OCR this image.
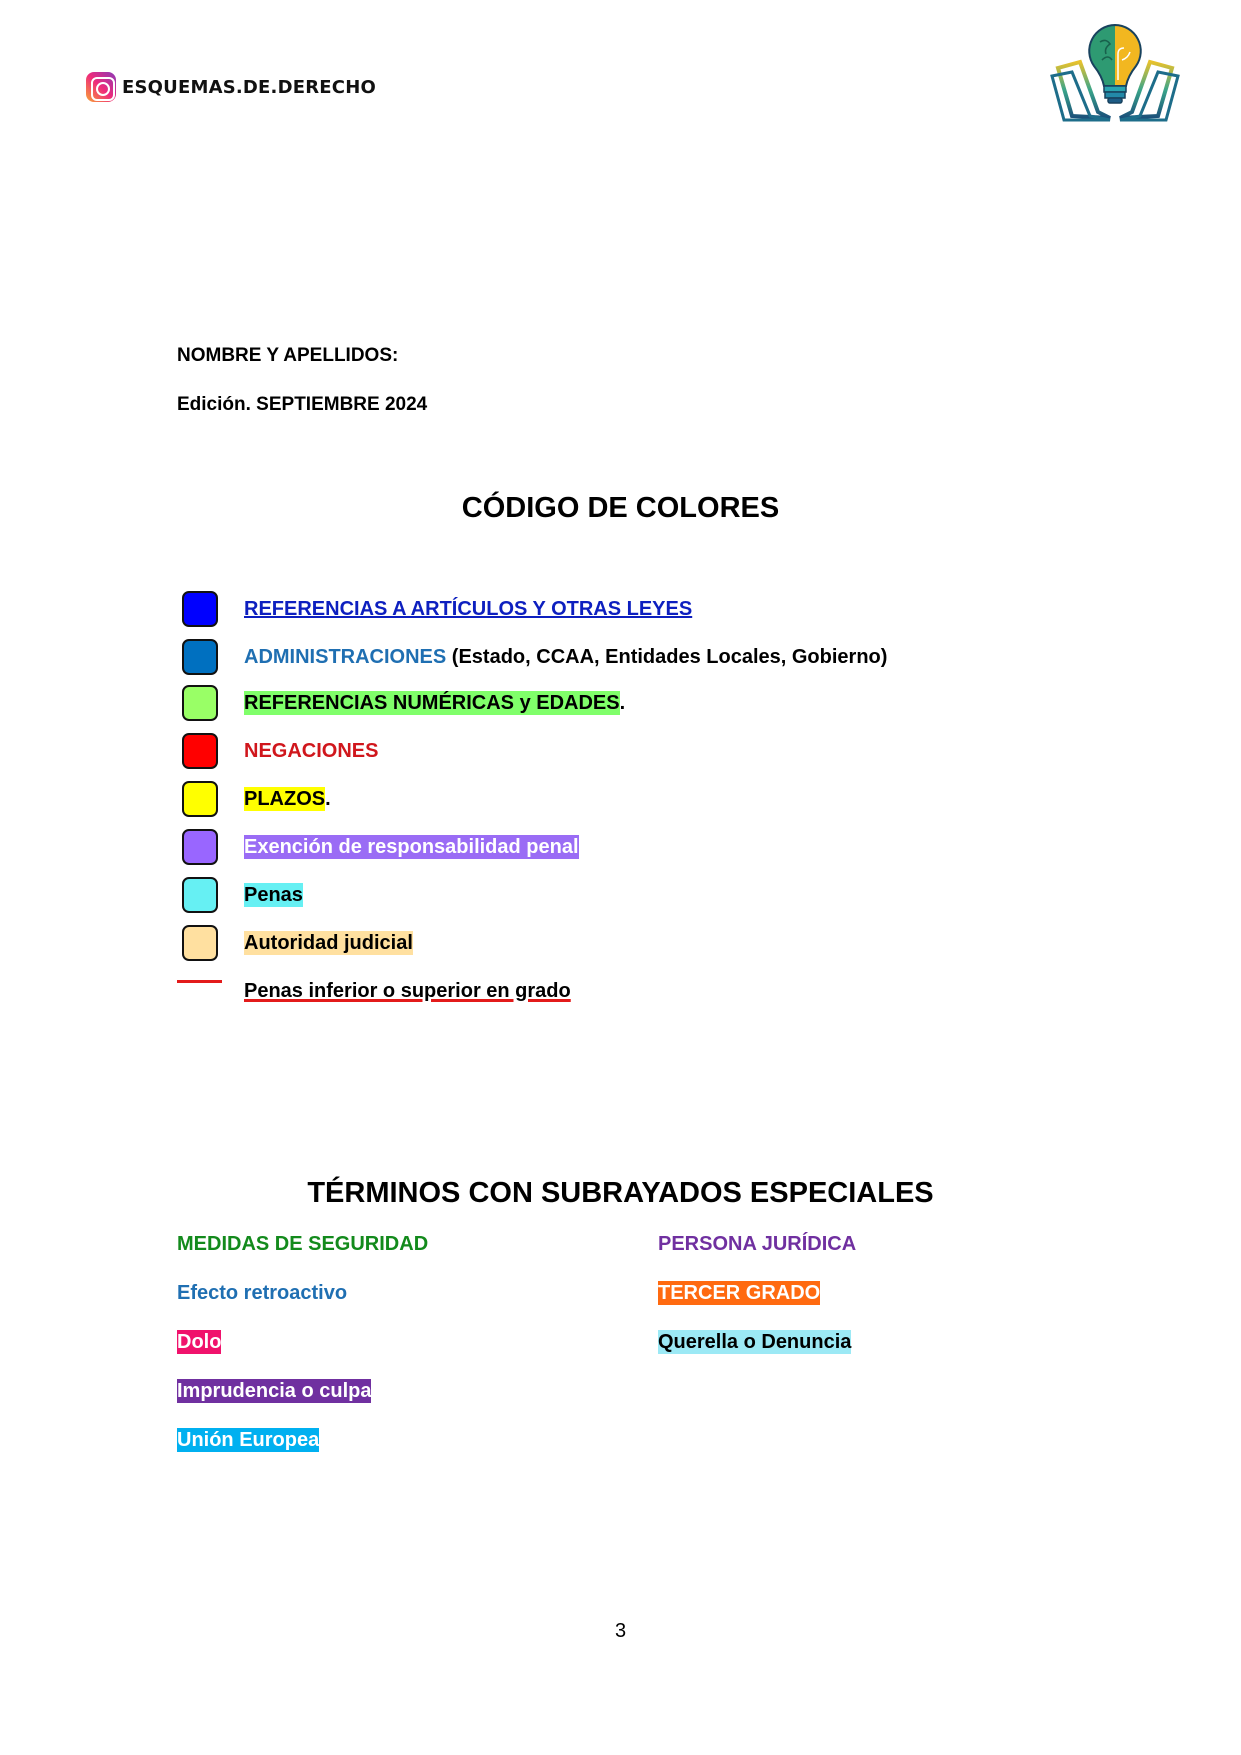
ESQUEMAS.DE.DERECHO
NOMBRE Y APELLIDOS:
Edición. SEPTIEMBRE 2024
CÓDIGO DE COLORES
REFERENCIAS A ARTÍCULOS Y OTRAS LEYES
ADMINISTRACIONES (Estado, CCAA, Entidades Locales, Gobierno)
REFERENCIAS NUMÉRICAS y EDADES.
NEGACIONES
PLAZOS.
Exención de responsabilidad penal
Penas
Autoridad judicial
Penas inferior o superior en grado
TÉRMINOS CON SUBRAYADOS ESPECIALES
MEDIDAS DE SEGURIDAD
Efecto retroactivo
Dolo
Imprudencia o culpa
Unión Europea
PERSONA JURÍDICA
TERCER GRADO
Querella o Denuncia
3
